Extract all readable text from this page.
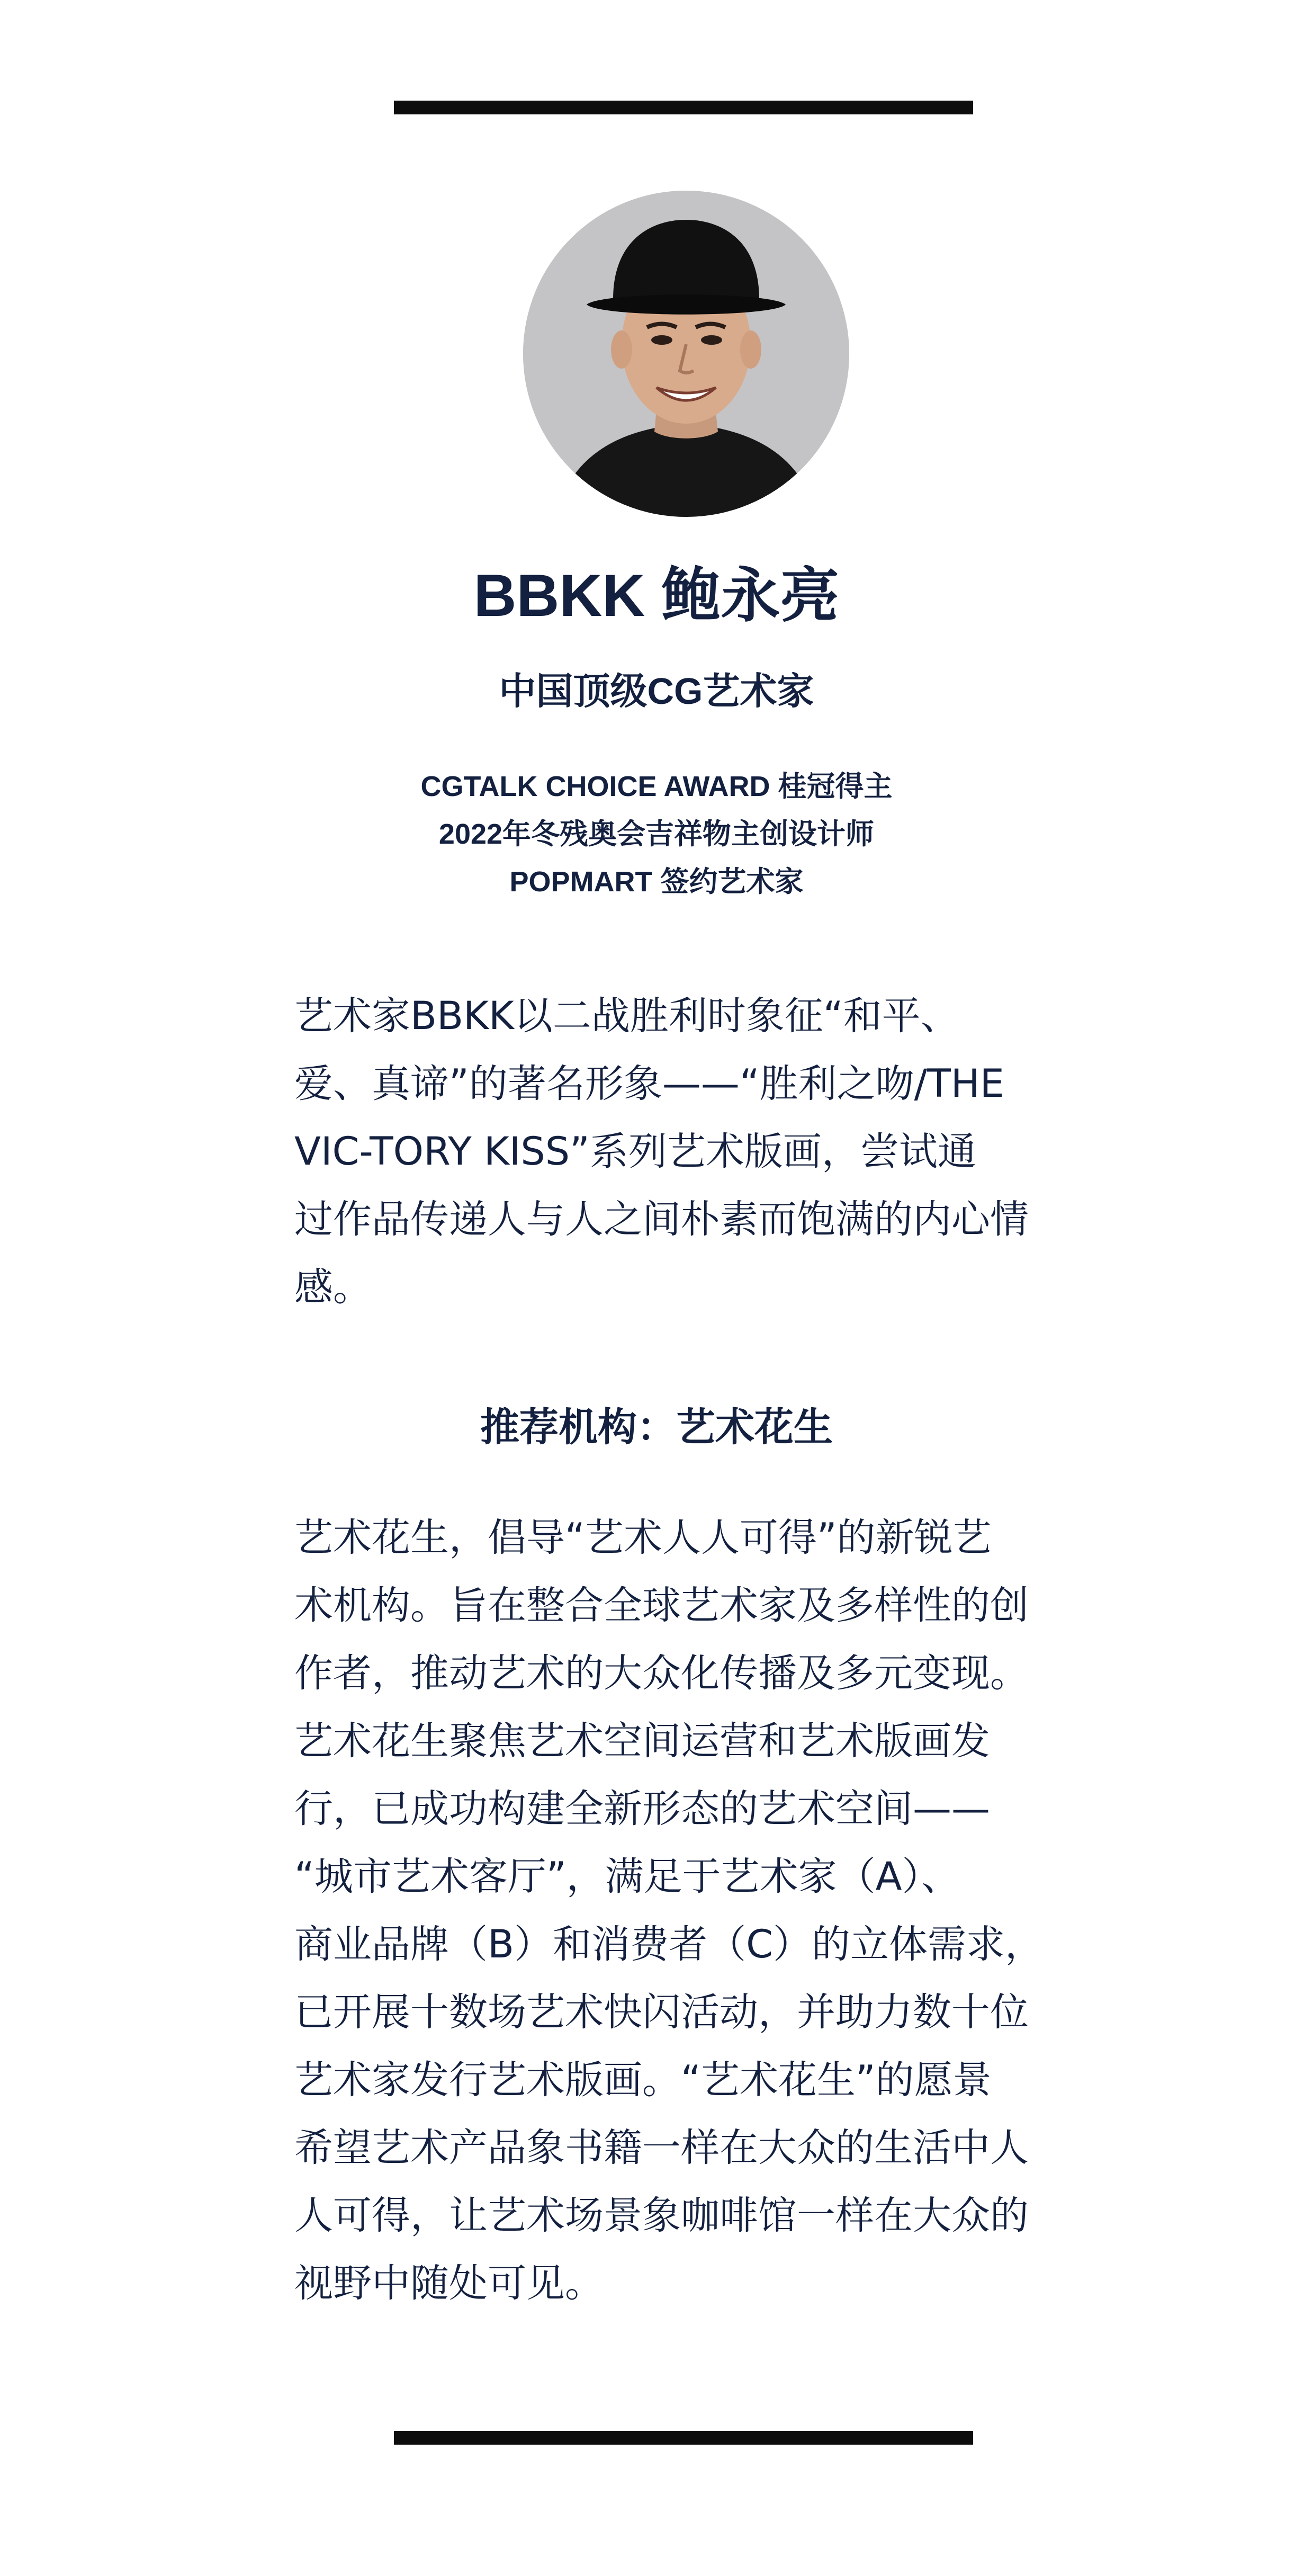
BBKK 鲍永亮
中国顶级CG艺术家
CGTALK CHOICE AWARD 桂冠得主
2022年冬残奥会吉祥物主创设计师
POPMART 签约艺术家
艺术家BBKK以二战胜利时象征“和平、
爱、真谛”的著名形象——“胜利之吻/THE
VIC-TORY KISS”系列艺术版画，尝试通
过作品传递人与人之间朴素而饱满的内心情
感。
推荐机构：艺术花生
艺术花生，倡导“艺术人人可得”的新锐艺
术机构。旨在整合全球艺术家及多样性的创
作者，推动艺术的大众化传播及多元变现。
艺术花生聚焦艺术空间运营和艺术版画发
行，已成功构建全新形态的艺术空间——
“城市艺术客厅”，满足于艺术家（A）、
商业品牌（B）和消费者（C）的立体需求，
已开展十数场艺术快闪活动，并助力数十位
艺术家发行艺术版画。“艺术花生”的愿景
希望艺术产品象书籍一样在大众的生活中人
人可得，让艺术场景象咖啡馆一样在大众的
视野中随处可见。
